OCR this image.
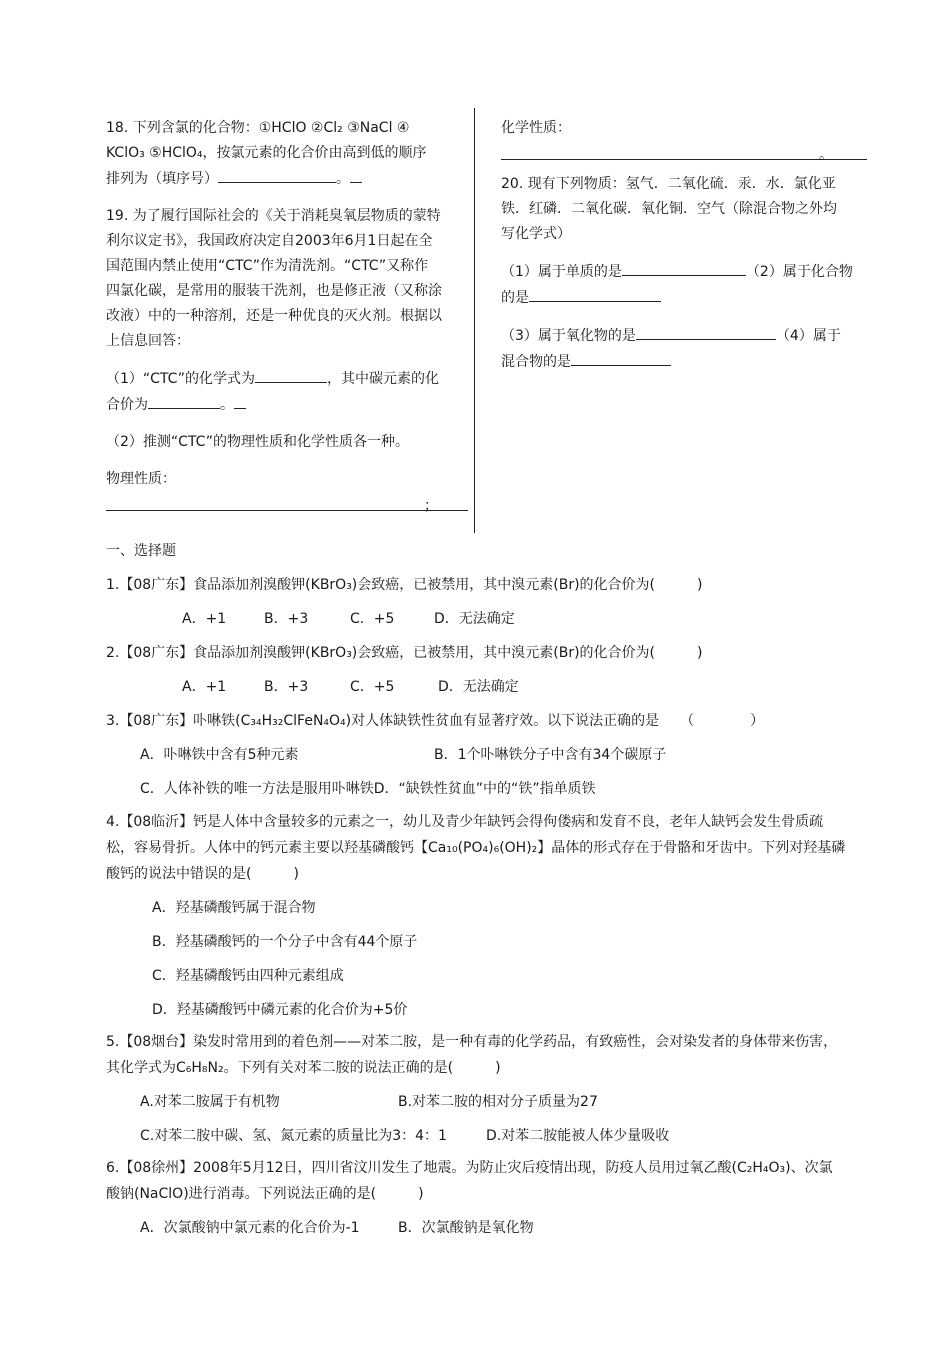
18. 下列含氯的化合物：①HClO ②Cl₂ ③NaCl ④
KClO₃ ⑤HClO₄，按氯元素的化合价由高到低的顺序
排列为（填序号）	。

19. 为了履行国际社会的《关于消耗臭氧层物质的蒙特
利尔议定书》，我国政府决定自2003年6月1日起在全
国范围内禁止使用“CTC”作为清洗剂。“CTC”又称作
四氯化碳，是常用的服装干洗剂，也是修正液（又称涂
改液）中的一种溶剂，还是一种优良的灭火剂。根据以
上信息回答：

（1）“CTC”的化学式为	，其中碳元素的化
合价为	。

（2）推测“CTC”的物理性质和化学性质各一种。

物理性质：

；

化学性质：

。

20. 现有下列物质：氢气．二氧化硫．汞．水．氯化亚
铁．红磷．二氧化碳．氧化铜．空气（除混合物之外均
写化学式）

（1）属于单质的是	（2）属于化合物
的是

（3）属于氧化物的是	（4）属于
混合物的是

一、选择题
1.【08广东】食品添加剂溴酸钾(KBrO₃)会致癌，已被禁用，其中溴元素(Br)的化合价为(　　　)
A．+1	B．+3	C．+5	D．无法确定
2.【08广东】食品添加剂溴酸钾(KBrO₃)会致癌，已被禁用，其中溴元素(Br)的化合价为(　　　)
A．+1	B．+3	C．+5	D．无法确定
3.【08广东】卟啉铁(C₃₄H₃₂ClFeN₄O₄)对人体缺铁性贫血有显著疗效。以下说法正确的是　　（　　　　）
A．卟啉铁中含有5种元素	B．1个卟啉铁分子中含有34个碳原子
C．人体补铁的唯一方法是服用卟啉铁D．“缺铁性贫血”中的“铁”指单质铁

4.【08临沂】钙是人体中含量较多的元素之一，幼儿及青少年缺钙会得佝偻病和发育不良，老年人缺钙会发生骨质疏
松，容易骨折。人体中的钙元素主要以羟基磷酸钙【Ca₁₀(PO₄)₆(OH)₂】晶体的形式存在于骨骼和牙齿中。下列对羟基磷
酸钙的说法中错误的是(　　　)

A．羟基磷酸钙属于混合物
B．羟基磷酸钙的一个分子中含有44个原子
C．羟基磷酸钙由四种元素组成
D．羟基磷酸钙中磷元素的化合价为+5价

5.【08烟台】染发时常用到的着色剂——对苯二胺，是一种有毒的化学药品，有致癌性，会对染发者的身体带来伤害，
其化学式为C₆H₈N₂。下列有关对苯二胺的说法正确的是(　　　)

A.对苯二胺属于有机物	B.对苯二胺的相对分子质量为27
C.对苯二胺中碳、氢、氮元素的质量比为3：4：1	D.对苯二胺能被人体少量吸收

6.【08徐州】2008年5月12日，四川省汶川发生了地震。为防止灾后疫情出现，防疫人员用过氧乙酸(C₂H₄O₃)、次氯
酸钠(NaClO)进行消毒。下列说法正确的是(　　　)

A．次氯酸钠中氯元素的化合价为-1	B．次氯酸钠是氧化物
